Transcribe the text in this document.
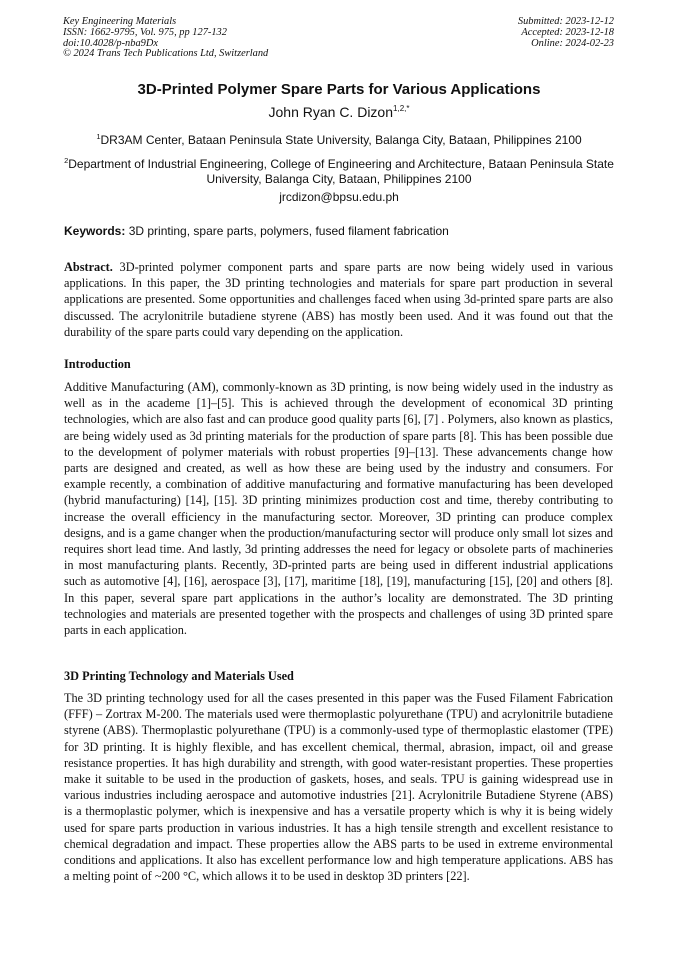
Key Engineering Materials
ISSN: 1662-9795, Vol. 975, pp 127-132
doi:10.4028/p-nba9Dx
© 2024 Trans Tech Publications Ltd, Switzerland
Submitted: 2023-12-12
Accepted: 2023-12-18
Online: 2024-02-23
3D-Printed Polymer Spare Parts for Various Applications
John Ryan C. Dizon$^{1,2,*}$
$^1$DR3AM Center, Bataan Peninsula State University, Balanga City, Bataan, Philippines 2100
$^2$Department of Industrial Engineering, College of Engineering and Architecture, Bataan Peninsula State University, Balanga City, Bataan, Philippines 2100
jrcdizon@bpsu.edu.ph
Keywords: 3D printing, spare parts, polymers, fused filament fabrication
Abstract. 3D-printed polymer component parts and spare parts are now being widely used in various applications. In this paper, the 3D printing technologies and materials for spare part production in several applications are presented. Some opportunities and challenges faced when using 3d-printed spare parts are also discussed. The acrylonitrile butadiene styrene (ABS) has mostly been used. And it was found out that the durability of the spare parts could vary depending on the application.
Introduction
Additive Manufacturing (AM), commonly-known as 3D printing, is now being widely used in the industry as well as in the academe [1]–[5]. This is achieved through the development of economical 3D printing technologies, which are also fast and can produce good quality parts [6], [7] . Polymers, also known as plastics, are being widely used as 3d printing materials for the production of spare parts [8]. This has been possible due to the development of polymer materials with robust properties [9]–[13]. These advancements change how parts are designed and created, as well as how these are being used by the industry and consumers. For example recently, a combination of additive manufacturing and formative manufacturing has been developed (hybrid manufacturing) [14], [15]. 3D printing minimizes production cost and time, thereby contributing to increase the overall efficiency in the manufacturing sector. Moreover, 3D printing can produce complex designs, and is a game changer when the production/manufacturing sector will produce only small lot sizes and requires short lead time. And lastly, 3d printing addresses the need for legacy or obsolete parts of machineries in most manufacturing plants. Recently, 3D-printed parts are being used in different industrial applications such as automotive [4], [16], aerospace [3], [17], maritime [18], [19], manufacturing [15], [20] and others [8]. In this paper, several spare part applications in the author’s locality are demonstrated. The 3D printing technologies and materials are presented together with the prospects and challenges of using 3D printed spare parts in each application.
3D Printing Technology and Materials Used
The 3D printing technology used for all the cases presented in this paper was the Fused Filament Fabrication (FFF) – Zortrax M-200. The materials used were thermoplastic polyurethane (TPU) and acrylonitrile butadiene styrene (ABS). Thermoplastic polyurethane (TPU) is a commonly-used type of thermoplastic elastomer (TPE) for 3D printing. It is highly flexible, and has excellent chemical, thermal, abrasion, impact, oil and grease resistance properties. It has high durability and strength, with good water-resistant properties. These properties make it suitable to be used in the production of gaskets, hoses, and seals. TPU is gaining widespread use in various industries including aerospace and automotive industries [21]. Acrylonitrile Butadiene Styrene (ABS) is a thermoplastic polymer, which is inexpensive and has a versatile property which is why it is being widely used for spare parts production in various industries. It has a high tensile strength and excellent resistance to chemical degradation and impact. These properties allow the ABS parts to be used in extreme environmental conditions and applications. It also has excellent performance low and high temperature applications. ABS has a melting point of ~200 °C, which allows it to be used in desktop 3D printers [22].
